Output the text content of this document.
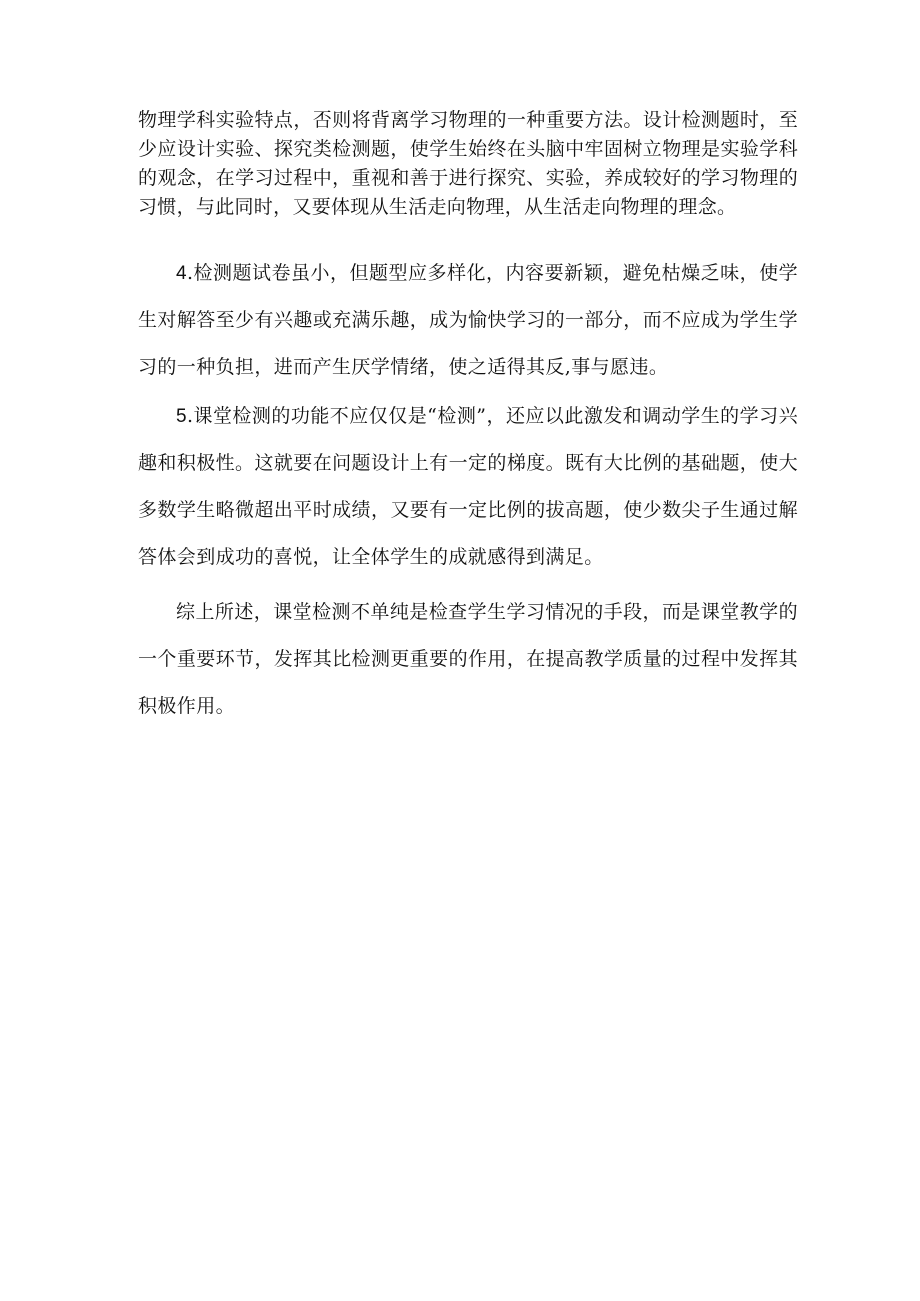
物理学科实验特点，否则将背离学习物理的一种重要方法。设计检测题时，至少应设计实验、探究类检测题，使学生始终在头脑中牢固树立物理是实验学科的观念，在学习过程中，重视和善于进行探究、实验，养成较好的学习物理的习惯，与此同时，又要体现从生活走向物理，从生活走向物理的理念。

4.检测题试卷虽小，但题型应多样化，内容要新颖，避免枯燥乏味，使学生对解答至少有兴趣或充满乐趣，成为愉快学习的一部分，而不应成为学生学习的一种负担，进而产生厌学情绪，使之适得其反,事与愿违。

5.课堂检测的功能不应仅仅是“检测”，还应以此激发和调动学生的学习兴趣和积极性。这就要在问题设计上有一定的梯度。既有大比例的基础题，使大多数学生略微超出平时成绩，又要有一定比例的拔高题，使少数尖子生通过解答体会到成功的喜悦，让全体学生的成就感得到满足。

综上所述，课堂检测不单纯是检查学生学习情况的手段，而是课堂教学的一个重要环节，发挥其比检测更重要的作用，在提高教学质量的过程中发挥其积极作用。
